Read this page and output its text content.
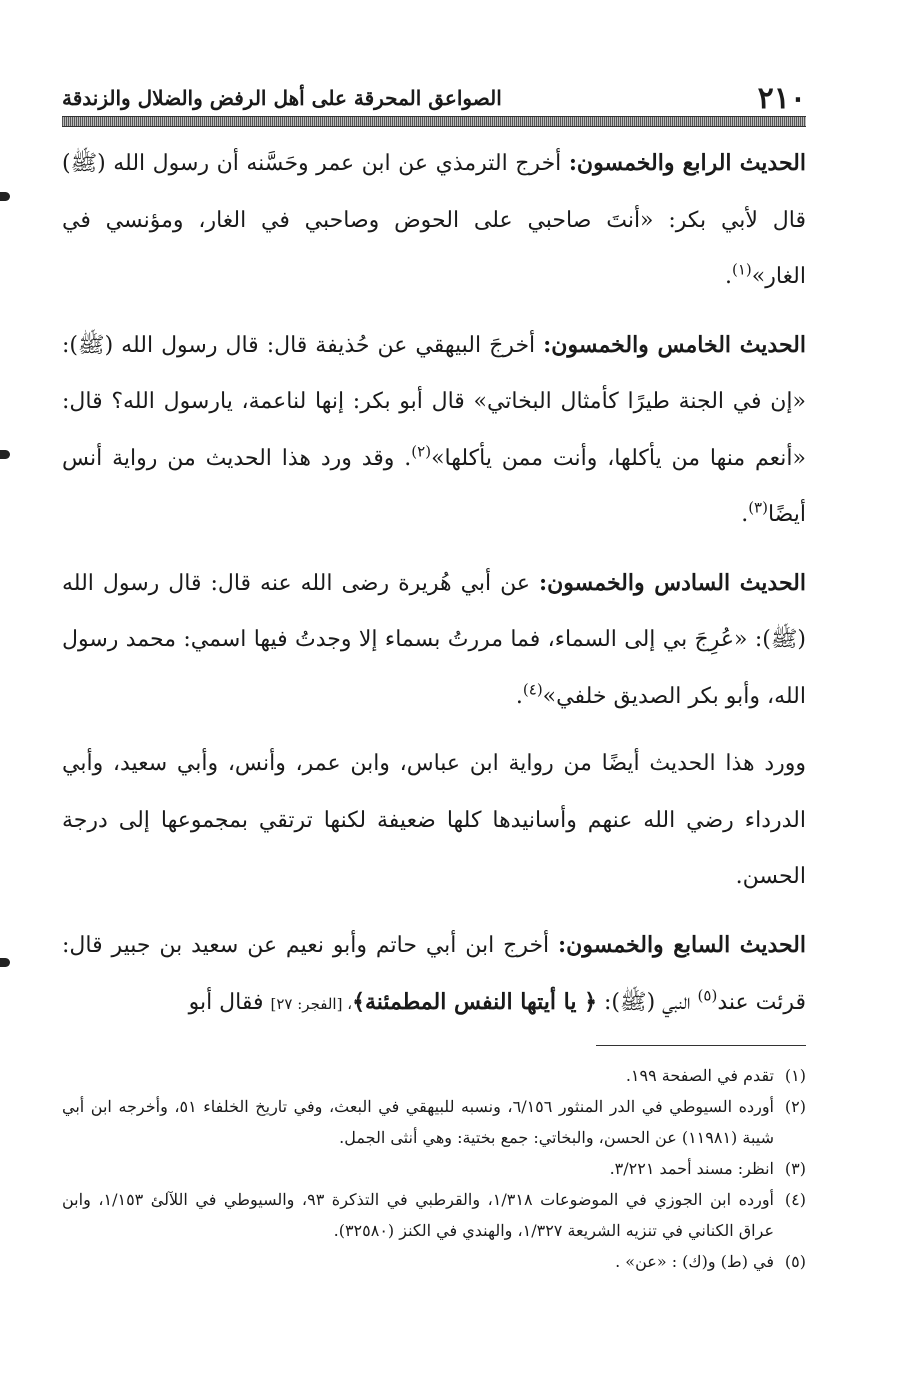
٢١٠
الصواعق المحرقة على أهل الرفض والضلال والزندقة

الحديث الرابع والخمسون: أخرج الترمذي عن ابن عمر وحَسَّنه أن رسول الله (ﷺ) قال لأبي بكر: «أنتَ صاحبي على الحوض وصاحبي في الغار، ومؤنسي في الغار»$^{(١)}$.

الحديث الخامس والخمسون: أخرجَ البيهقي عن حُذيفة قال: قال رسول الله (ﷺ): «إن في الجنة طيرًا كأمثال البخاتي» قال أبو بكر: إنها لناعمة، يارسول الله؟ قال: «أنعم منها من يأكلها، وأنت ممن يأكلها»$^{(٢)}$. وقد ورد هذا الحديث من رواية أنس أيضًا$^{(٣)}$.

الحديث السادس والخمسون: عن أبي هُريرة رضى الله عنه قال: قال رسول الله (ﷺ): «عُرِجَ بي إلى السماء، فما مررتُ بسماء إلا وجدتُ فيها اسمي: محمد رسول الله، وأبو بكر الصديق خلفي»$^{(٤)}$.

وورد هذا الحديث أيضًا من رواية ابن عباس، وابن عمر، وأنس، وأبي سعيد، وأبي الدرداء رضي الله عنهم وأسانيدها كلها ضعيفة لكنها ترتقي بمجموعها إلى درجة الحسن.

الحديث السابع والخمسون: أخرج ابن أبي حاتم وأبو نعيم عن سعيد بن جبير قال: قرئت عند$^{(٥)}$ النبي (ﷺ): ﴿ يا أيتها النفس المطمئنة﴾، [الفجر: ٢٧] فقال أبو

(١)تقدم في الصفحة ١٩٩.

(٢)أورده السيوطي في الدر المنثور ٦/١٥٦، ونسبه للبيهقي في البعث، وفي تاريخ الخلفاء ٥١، وأخرجه ابن أبي شيبة (١١٩٨١) عن الحسن، والبخاتي: جمع بختية: وهي أنثى الجمل.

(٣)انظر: مسند أحمد ٣/٢٢١.

(٤)أورده ابن الجوزي في الموضوعات ١/٣١٨، والقرطبي في التذكرة ٩٣، والسيوطي في اللآلئ ١/١٥٣، وابن عراق الكناني في تنزيه الشريعة ١/٣٢٧، والهندي في الكنز (٣٢٥٨٠).

(٥)في (ط) و(ك) : «عن» .
